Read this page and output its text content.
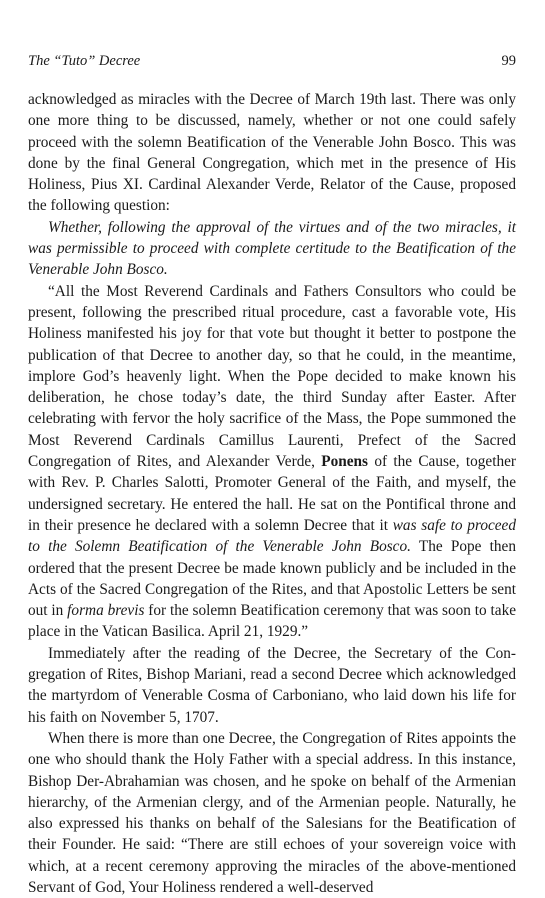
The “Tuto” Decree	99

acknowledged as miracles with the Decree of March 19th last. There was only one more thing to be discussed, namely, whether or not one could safely proceed with the solemn Beatification of the Venerable John Bosco. This was done by the final General Congregation, which met in the presence of His Holiness, Pius XI. Cardinal Alexander Verde, Relator of the Cause, proposed the following question:

Whether, following the approval of the virtues and of the two miracles, it was permissible to proceed with complete certitude to the Beatification of the Venerable John Bosco.

“All the Most Reverend Cardinals and Fathers Consultors who could be present, following the prescribed ritual procedure, cast a favorable vote, His Holiness manifested his joy for that vote but thought it better to postpone the publication of that Decree to another day, so that he could, in the meantime, implore God’s heavenly light. When the Pope decided to make known his deliberation, he chose today’s date, the third Sunday after Easter. After celebrating with fervor the holy sacrifice of the Mass, the Pope summoned the Most Reverend Cardinals Camillus Laurenti, Prefect of the Sacred Congregation of Rites, and Alexander Verde, Ponens of the Cause, together with Rev. P. Charles Salotti, Promoter General of the Faith, and myself, the undersigned secretary. He entered the hall. He sat on the Pontifical throne and in their presence he declared with a solemn Decree that it was safe to proceed to the Solemn Beatification of the Venerable John Bosco. The Pope then ordered that the present Decree be made known publicly and be included in the Acts of the Sacred Congregation of the Rites, and that Apostolic Letters be sent out in forma brevis for the solemn Beatification ceremony that was soon to take place in the Vatican Basilica. April 21, 1929.”

Immediately after the reading of the Decree, the Secretary of the Congregation of Rites, Bishop Mariani, read a second Decree which acknowledged the martyrdom of Venerable Cosma of Carboniano, who laid down his life for his faith on November 5, 1707.

When there is more than one Decree, the Congregation of Rites appoints the one who should thank the Holy Father with a special address. In this instance, Bishop Der-Abrahamian was chosen, and he spoke on behalf of the Armenian hierarchy, of the Armenian clergy, and of the Armenian people. Naturally, he also expressed his thanks on behalf of the Salesians for the Beatification of their Founder. He said: “There are still echoes of your sovereign voice with which, at a recent ceremony approving the miracles of the above-mentioned Servant of God, Your Holiness rendered a well-deserved
